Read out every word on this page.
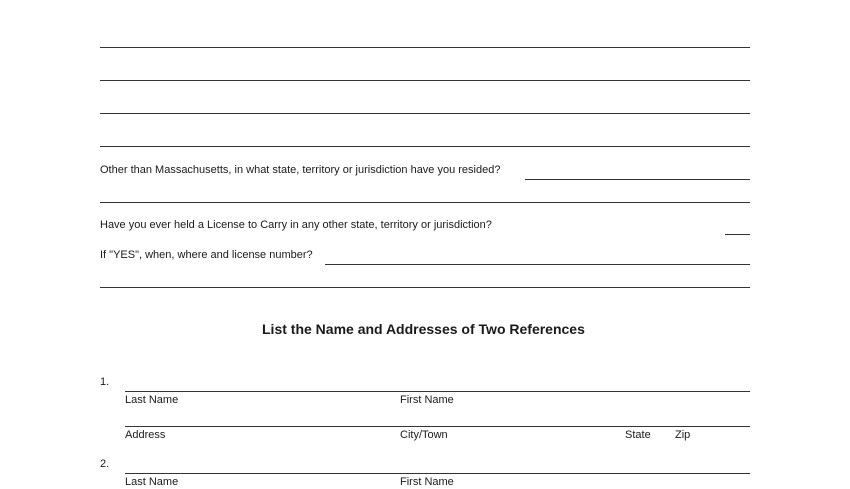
Other than Massachusetts, in what state, territory or jurisdiction have you resided?
Have you ever held a License to Carry in any other state, territory or jurisdiction?
If "YES", when, where and license number?
List the Name and Addresses of Two References
1.
Last Name	First Name
Address	City/Town	State Zip
2.
Last Name	First Name
